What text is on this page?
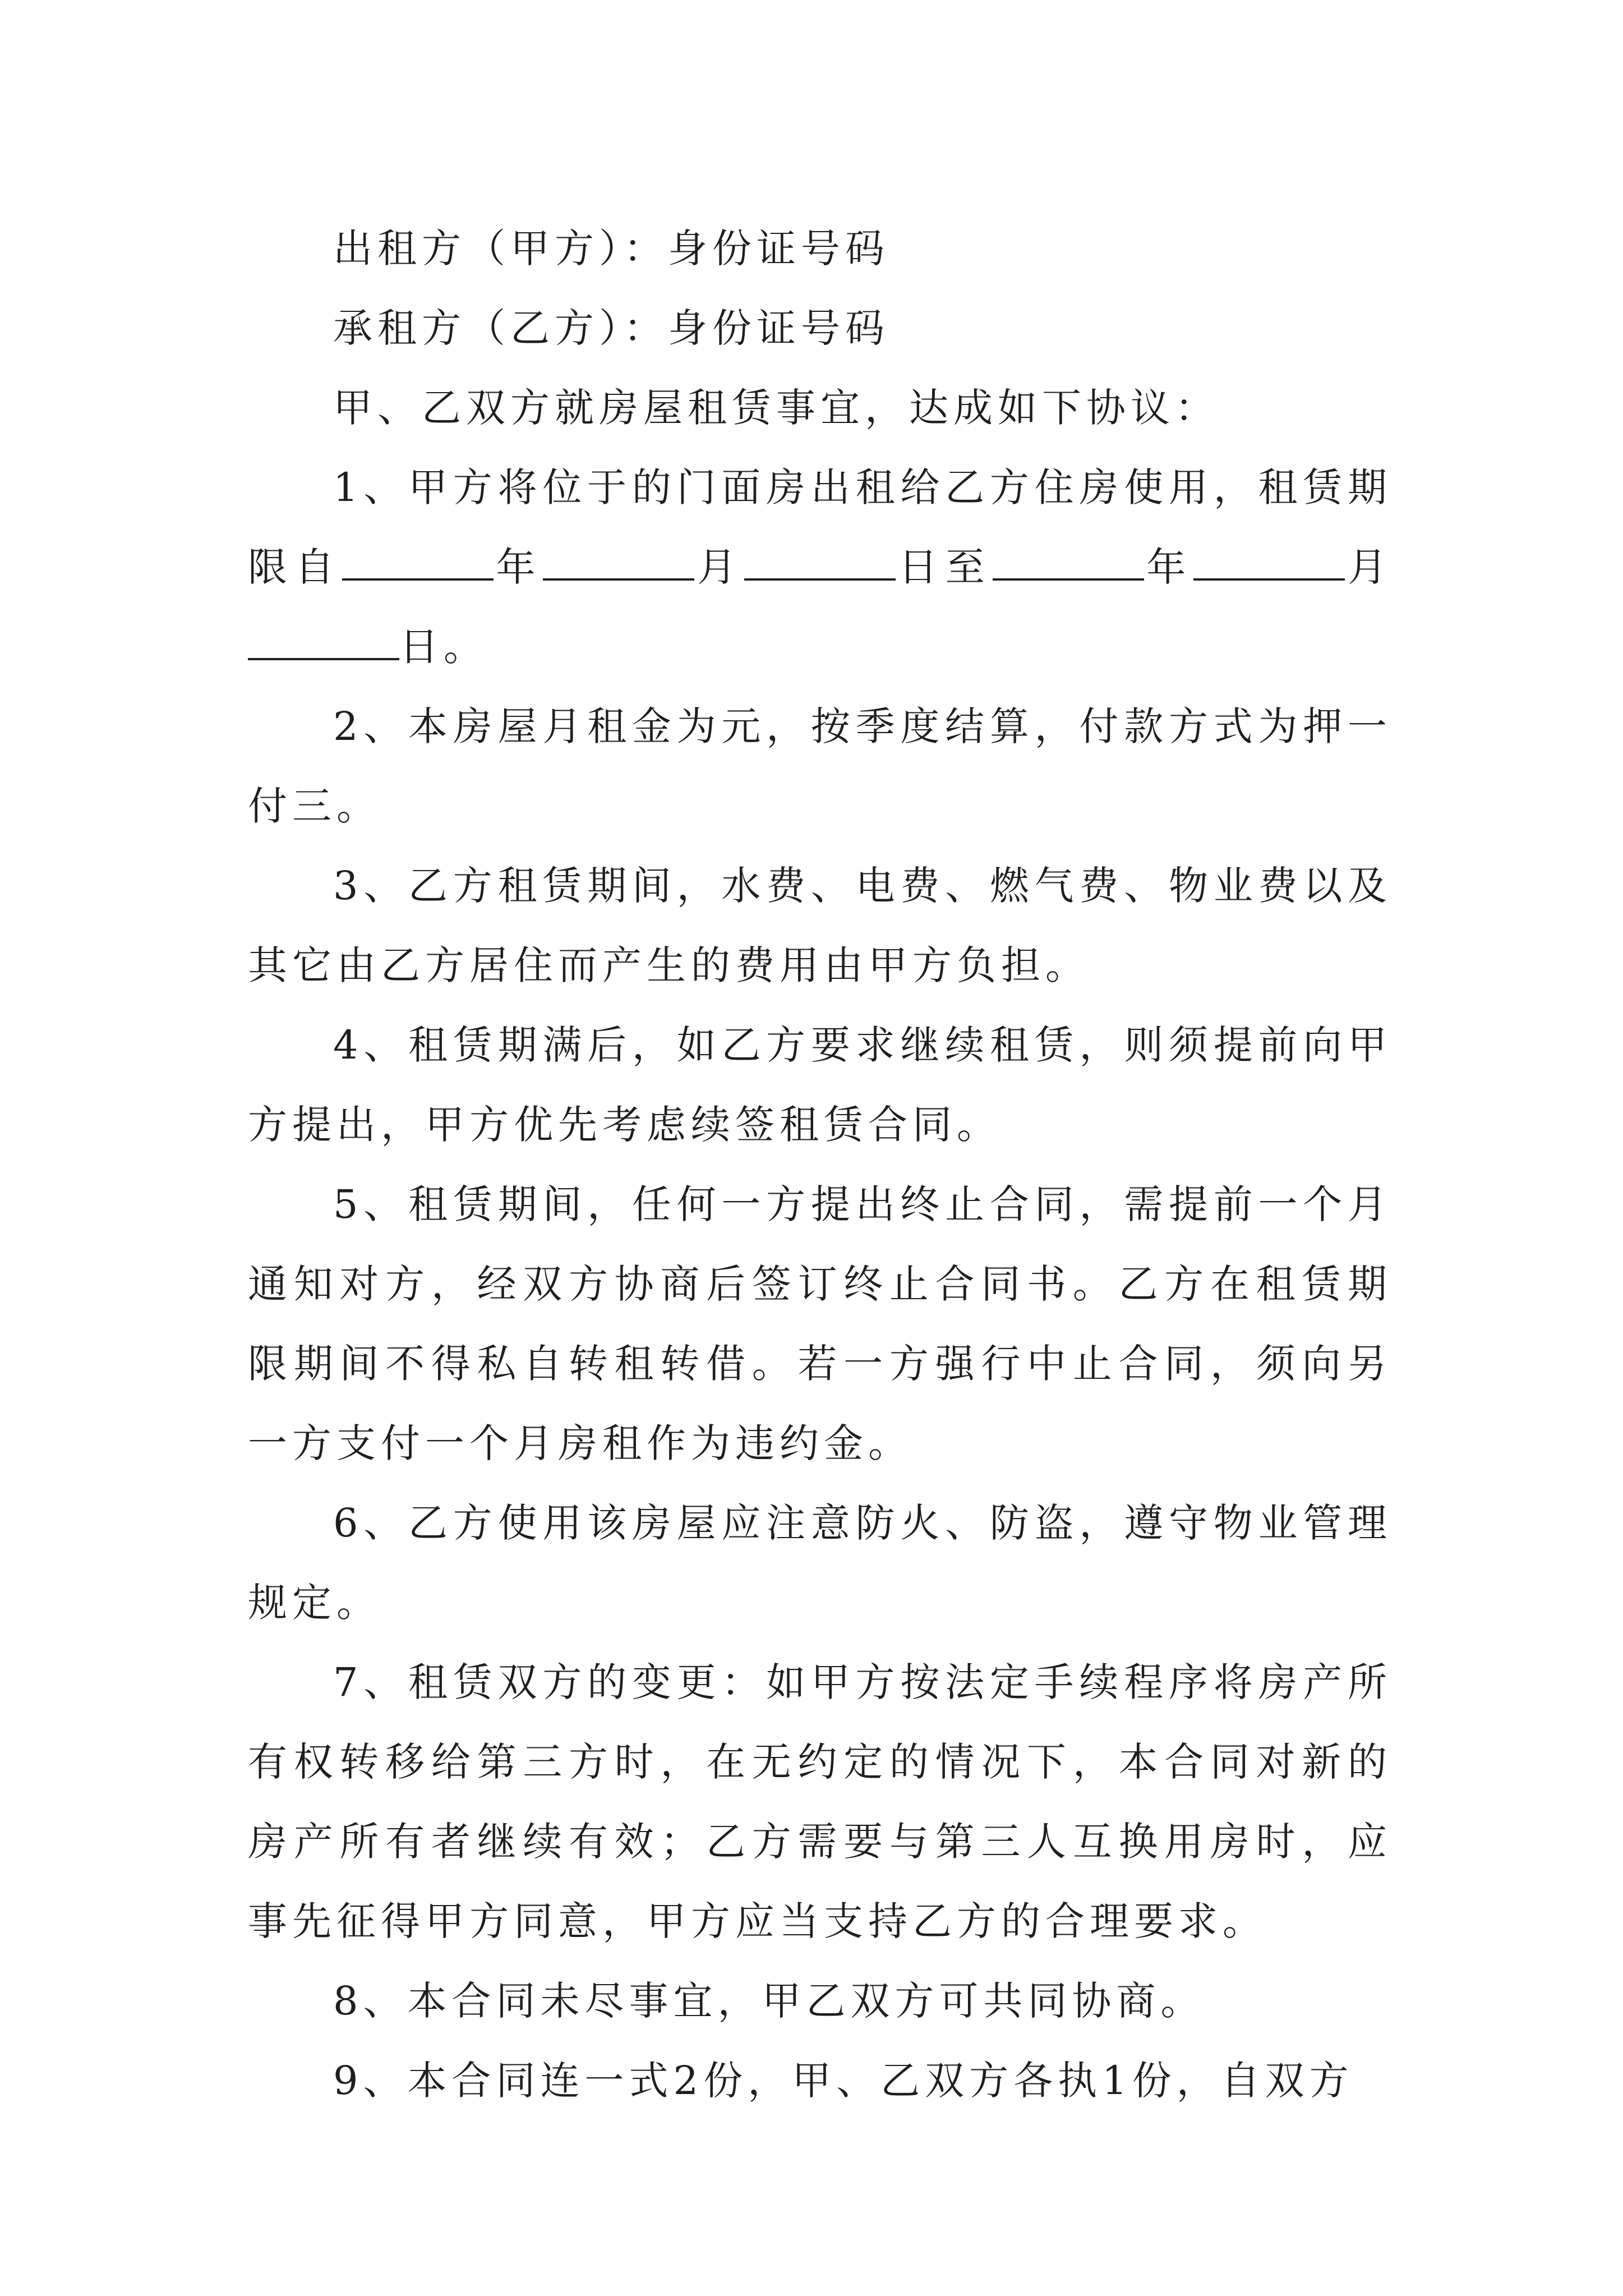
出租方（甲方）：身份证号码

承租方（乙方）：身份证号码

甲、乙双方就房屋租赁事宜，达成如下协议：

1、甲方将位于的门面房出租给乙方住房使用，租赁期限自	年	月	日至	年	月日。

2、本房屋月租金为元，按季度结算，付款方式为押一付三。

3、乙方租赁期间，水费、电费、燃气费、物业费以及其它由乙方居住而产生的费用由甲方负担。

4、租赁期满后，如乙方要求继续租赁，则须提前向甲方提出，甲方优先考虑续签租赁合同。

5、租赁期间，任何一方提出终止合同，需提前一个月通知对方，经双方协商后签订终止合同书。乙方在租赁期限期间不得私自转租转借。若一方强行中止合同，须向另一方支付一个月房租作为违约金。

6、乙方使用该房屋应注意防火、防盗，遵守物业管理规定。

7、租赁双方的变更：如甲方按法定手续程序将房产所有权转移给第三方时，在无约定的情况下，本合同对新的房产所有者继续有效；乙方需要与第三人互换用房时，应事先征得甲方同意，甲方应当支持乙方的合理要求。

8、本合同未尽事宜，甲乙双方可共同协商。

9、本合同连一式2份，甲、乙双方各执1份，自双方
